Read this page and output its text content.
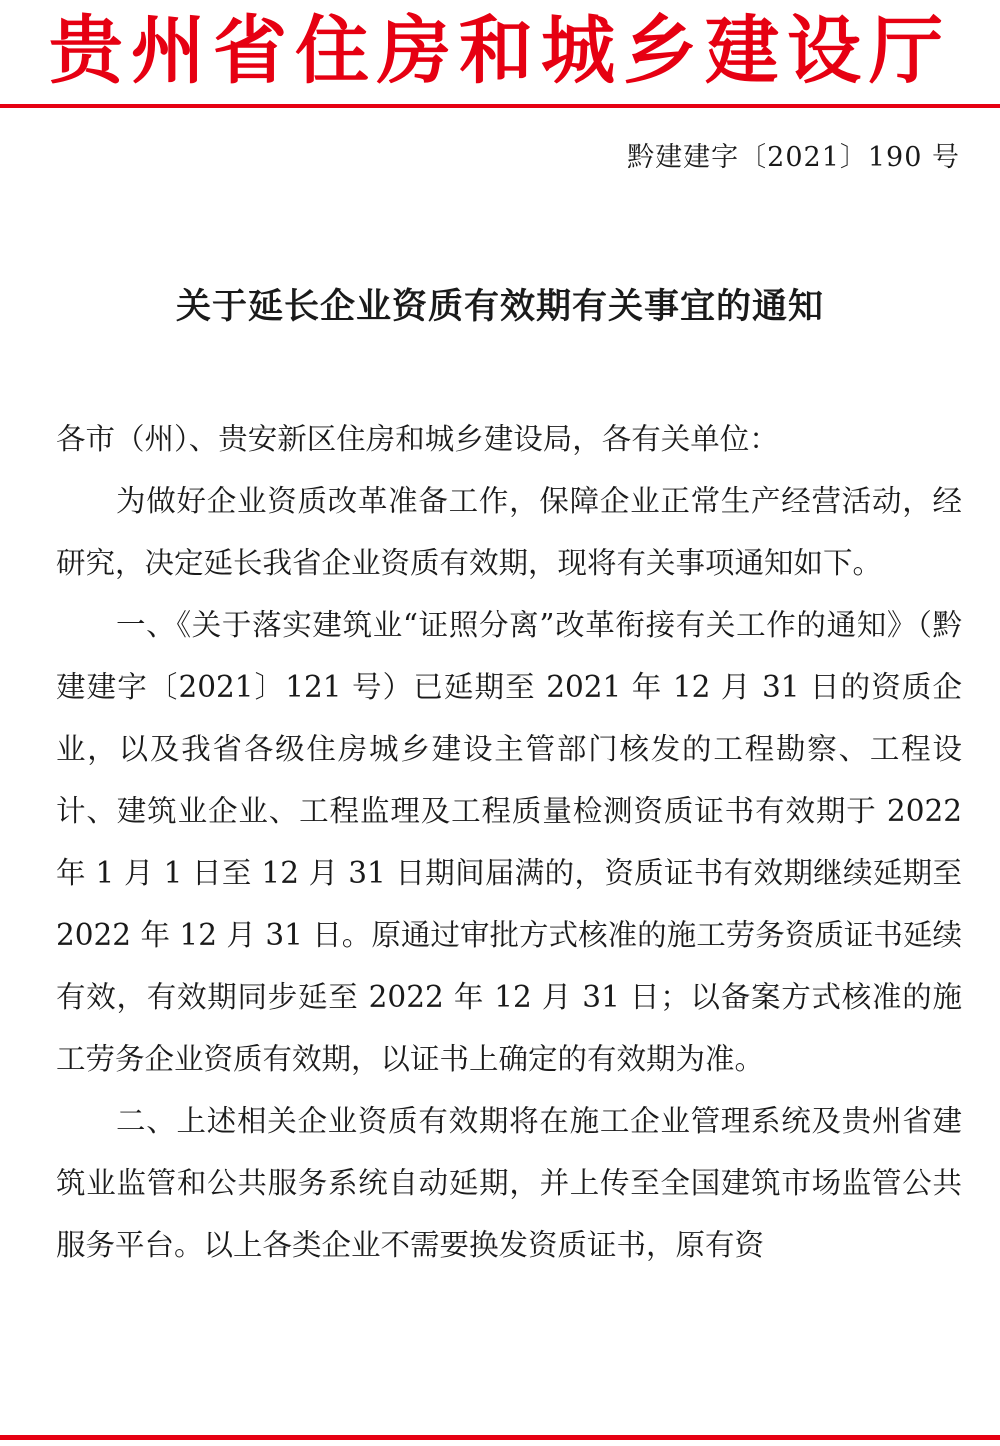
贵州省住房和城乡建设厅
黔建建字〔2021〕190 号
关于延长企业资质有效期有关事宜的通知

各市（州）、贵安新区住房和城乡建设局，各有关单位：

为做好企业资质改革准备工作，保障企业正常生产经营活动，经研究，决定延长我省企业资质有效期，现将有关事项通知如下。

一、《关于落实建筑业“证照分离”改革衔接有关工作的通知》（黔建建字〔2021〕121 号）已延期至 2021 年 12 月 31 日的资质企业，以及我省各级住房城乡建设主管部门核发的工程勘察、工程设计、建筑业企业、工程监理及工程质量检测资质证书有效期于 2022 年 1 月 1 日至 12 月 31 日期间届满的，资质证书有效期继续延期至 2022 年 12 月 31 日。原通过审批方式核准的施工劳务资质证书延续有效，有效期同步延至 2022 年 12 月 31 日；以备案方式核准的施工劳务企业资质有效期，以证书上确定的有效期为准。

二、上述相关企业资质有效期将在施工企业管理系统及贵州省建筑业监管和公共服务系统自动延期，并上传至全国建筑市场监管公共服务平台。以上各类企业不需要换发资质证书，原有资
